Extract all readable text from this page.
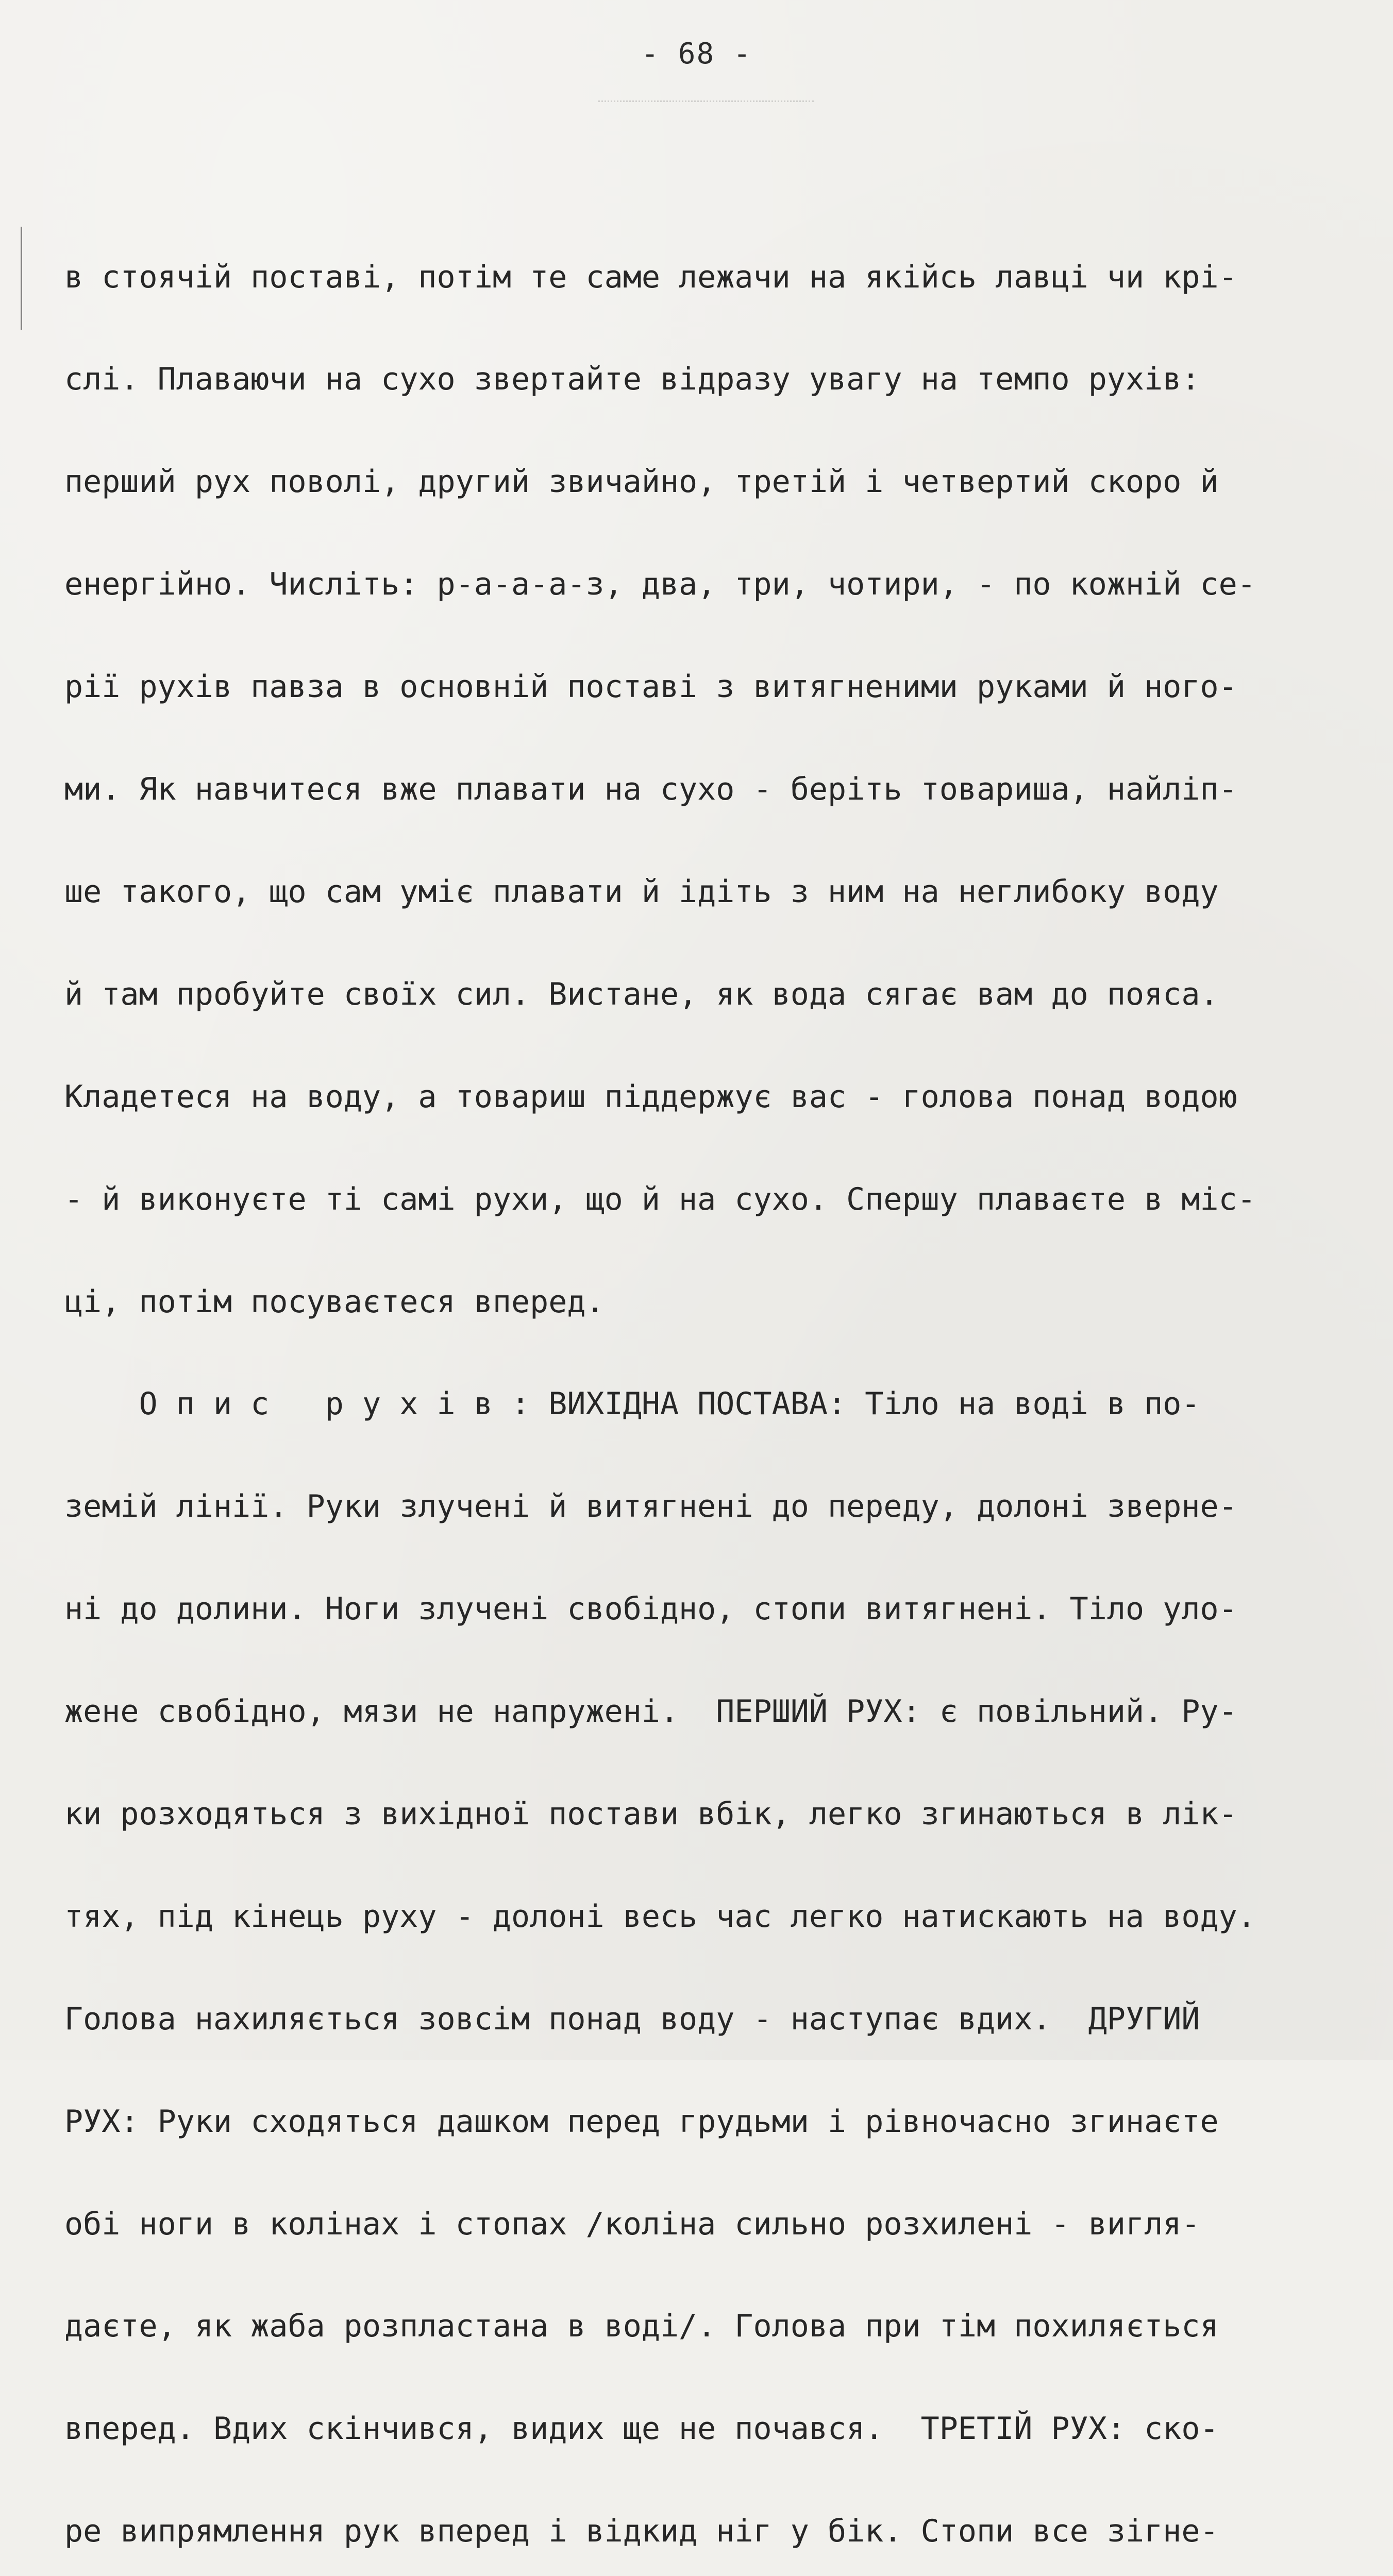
- 68 -

в стоячій поставі, потім те саме лежачи на якійсь лавці чи крі-

слі. Плаваючи на сухо звертайте відразу увагу на темпо рухів:

перший рух поволі, другий звичайно, третій і четвертий скоро й

енергійно. Числіть: р-а-а-а-з, два, три, чотири, - по кожній се-

рії рухів павза в основній поставі з витягненими руками й ного-

ми. Як навчитеся вже плавати на сухо - беріть товариша, найліп-

ше такого, що сам уміє плавати й ідіть з ним на неглибоку воду

й там пробуйте своїх сил. Вистане, як вода сягає вам до пояса.

Кладетеся на воду, а товариш піддержує вас - голова понад водою

- й виконуєте ті самі рухи, що й на сухо. Спершу плаваєте в міс-

ці, потім посуваєтеся вперед.

О п и с   р у х і в : ВИХІДНА ПОСТАВА: Тіло на воді в по-

земій лінії. Руки злучені й витягнені до переду, долоні зверне-

ні до долини. Ноги злучені свобідно, стопи витягнені. Тіло уло-

жене свобідно, мязи не напружені.  ПЕРШИЙ РУХ: є повільний. Ру-

ки розходяться з вихідної постави вбік, легко згинаються в лік-

тях, під кінець руху - долоні весь час легко натискають на воду.

Голова нахиляється зовсім понад воду - наступає вдих.  ДРУГИЙ

РУХ: Руки сходяться дашком перед грудьми і рівночасно згинаєте

обі ноги в колінах і стопах /коліна сильно розхилені - вигля-

даєте, як жаба розпластана в воді/. Голова при тім похиляється

вперед. Вдих скінчився, видих ще не почався.  ТРЕТІЙ РУХ: ско-

ре випрямлення рук вперед і відкид ніг у бік. Стопи все зігне-
